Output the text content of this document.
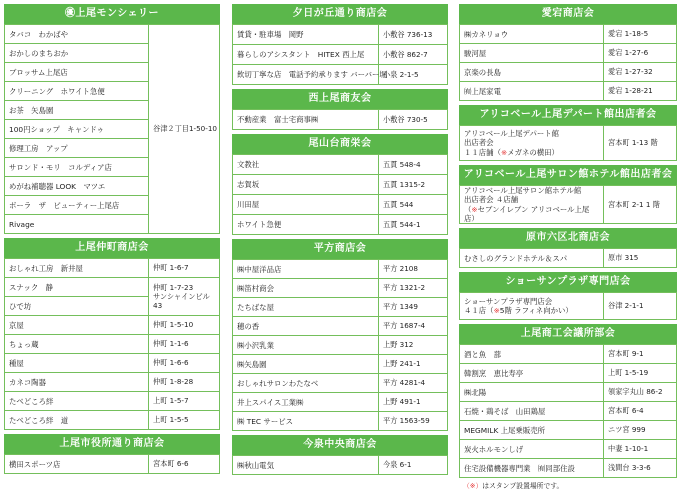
㊝上尾モンシェリー
タバコ　わかばや	谷津２丁目1-50-10
おかしのまちおか
ブロッサム上尾店
クリーニング　ホワイト急便
お茶　矢島園
100円ショップ　キャンドゥ
修理工房　アップ
サロンド・モリ　コルディア店
めがね補聴器 LOOK　マツエ
ボーラ　ザ　ビューティー上尾店
Rivage
上尾仲町商店会
おしゃれ工房　新井屋	仲町 1-6-7
スナック　静	仲町 1-7-23
サンシャインビル 43

ひで坊	
京屋	仲町 1-5-10
ちょっ蔵	仲町 1-1-6
種屋	仲町 1-6-6
カネコ陶器	仲町 1-8-28
たべどころ絆	上町 1-5-7
たべどころ絆　道	上町 1-5-5
上尾市役所通り商店会
横田スポーツ店	宮本町 6-6
夕日が丘通り商店会
賃貸・駐車場　岡野	小敷谷 736-13
暮らしのアシスタント　HITEX 西上尾	小敷谷 862-7
飲切丁寧な店　電話予約承ります バーバー堀	小泉 2-1-5
西上尾商友会
不動産業　富士宅商事㈱	小敷谷 730-5
尾山台商栄会
文教社	五貫 548-4
志賀坂	五貫 1315-2
川田屋	五貫 544
ホワイト急便	五貫 544-1
平方商店会
㈱中屋洋品店	平方 2108
㈱笛村商会	平方 1321-2
たちばな屋	平方 1349
穂の香	平方 1687-4
㈱小沢乳業	上野 312
㈱矢島園	上野 241-1
おしゃれサロンわたなべ	平方 4281-4
井上スパイス工業㈱	上野 491-1
㈱ TEC サービス	平方 1563-59
今泉中央商店会
㈱秋山電気	今泉 6-1
愛宕商店会
㈱カネリョウ	愛宕 1-18-5
駿河屋	愛宕 1-27-6
京楽の長島	愛宕 1-27-32
㈲上尾家電	愛宕 1-28-21
アリコベール上尾デパート館出店者会
アリコベール上尾デパート館
出店者会
１１店舗（※メガネの横田）
	宮本町 1-13 階
アリコベール上尾サロン館ホテル館出店者会
アリコベール上尾サロン館ホテル館
出店者会 ４店舗
（※セブンイレブン アリコベール上尾店）
	宮本町 2-1 1 階
原市六区北商店会
むさしのグランドホテル＆スパ	原市 315
ショーサンプラザ専門店会
ショーサンプラザ専門店会
４１店（※5階 ラフィネ向かい）
	谷津 2-1-1
上尾商工会議所部会
酒と魚　蔀	宮本町 9-1
韓割烹　恵比寿亭	上町 1-5-19
㈱北陽	領家字丸山 86-2
石焼・鶏そば　山田鶏屋	宮本町 6-4
MEGMILK 上尾乗販売所	ニツ宮 999
炭火ホルモンしげ	中妻 1-10-1
住宅設備機器専門業　㈲同部住設	浅間台 3-3-6
（※）はスタンプ設置場所です。
